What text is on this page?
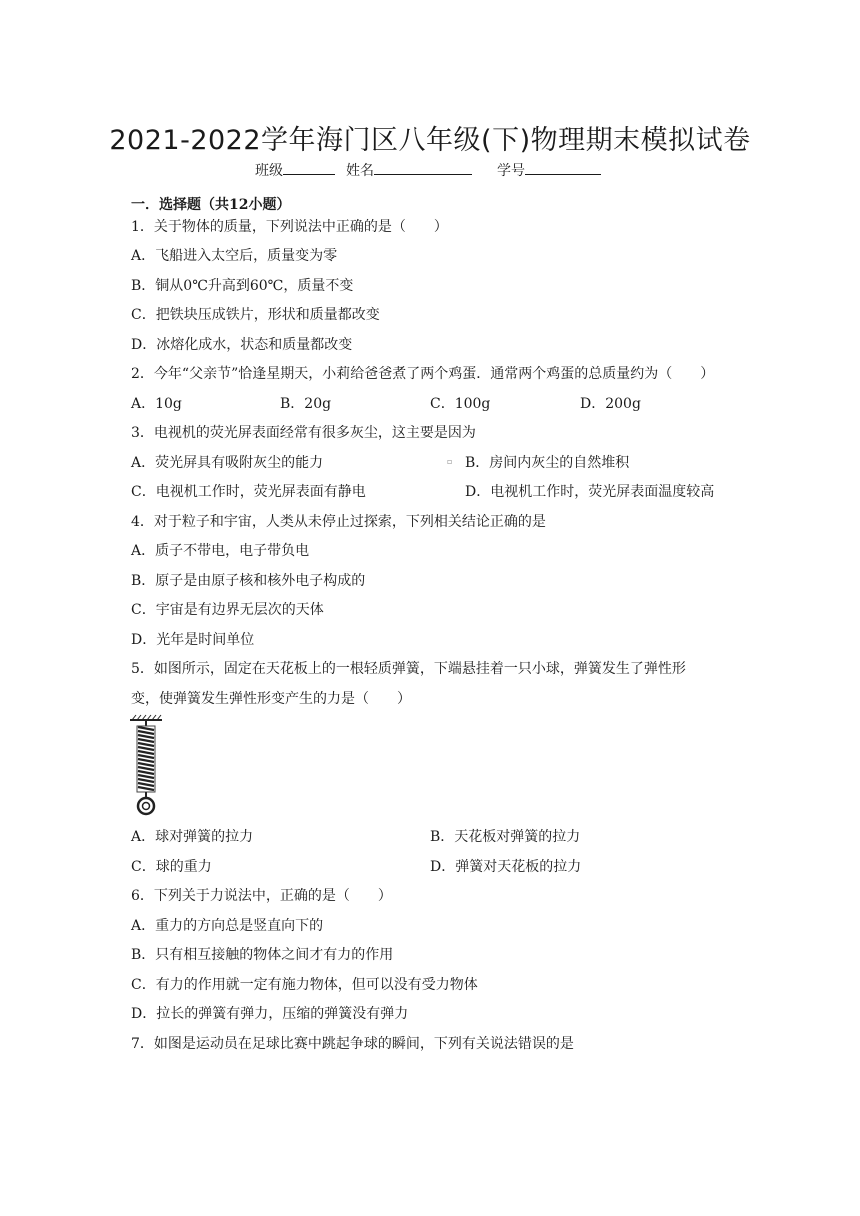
2021-2022学年海门区八年级(下)物理期末模拟试卷
班级	姓名	学号
一．选择题（共12小题）
1．关于物体的质量，下列说法中正确的是（　　）
A．飞船进入太空后，质量变为零
B．铜从0℃升高到60℃，质量不变
C．把铁块压成铁片，形状和质量都改变
D．冰熔化成水，状态和质量都改变
2．今年“父亲节”恰逢星期天，小莉给爸爸煮了两个鸡蛋．通常两个鸡蛋的总质量约为（　　）
A．10g	B．20g	C．100g	D．200g
3．电视机的荧光屏表面经常有很多灰尘，这主要是因为
A．荧光屏具有吸附灰尘的能力	▫ B．房间内灰尘的自然堆积
C．电视机工作时，荧光屏表面有静电	D．电视机工作时，荧光屏表面温度较高
4．对于粒子和宇宙，人类从未停止过探索，下列相关结论正确的是
A．质子不带电，电子带负电
B．原子是由原子核和核外电子构成的
C．宇宙是有边界无层次的天体
D．光年是时间单位
5．如图所示，固定在天花板上的一根轻质弹簧，下端悬挂着一只小球，弹簧发生了弹性形
变，使弹簧发生弹性形变产生的力是（　　）
A．球对弹簧的拉力	B．天花板对弹簧的拉力
C．球的重力	D．弹簧对天花板的拉力
6．下列关于力说法中，正确的是（　　）
A．重力的方向总是竖直向下的
B．只有相互接触的物体之间才有力的作用
C．有力的作用就一定有施力物体，但可以没有受力物体
D．拉长的弹簧有弹力，压缩的弹簧没有弹力
7．如图是运动员在足球比赛中跳起争球的瞬间，下列有关说法错误的是
